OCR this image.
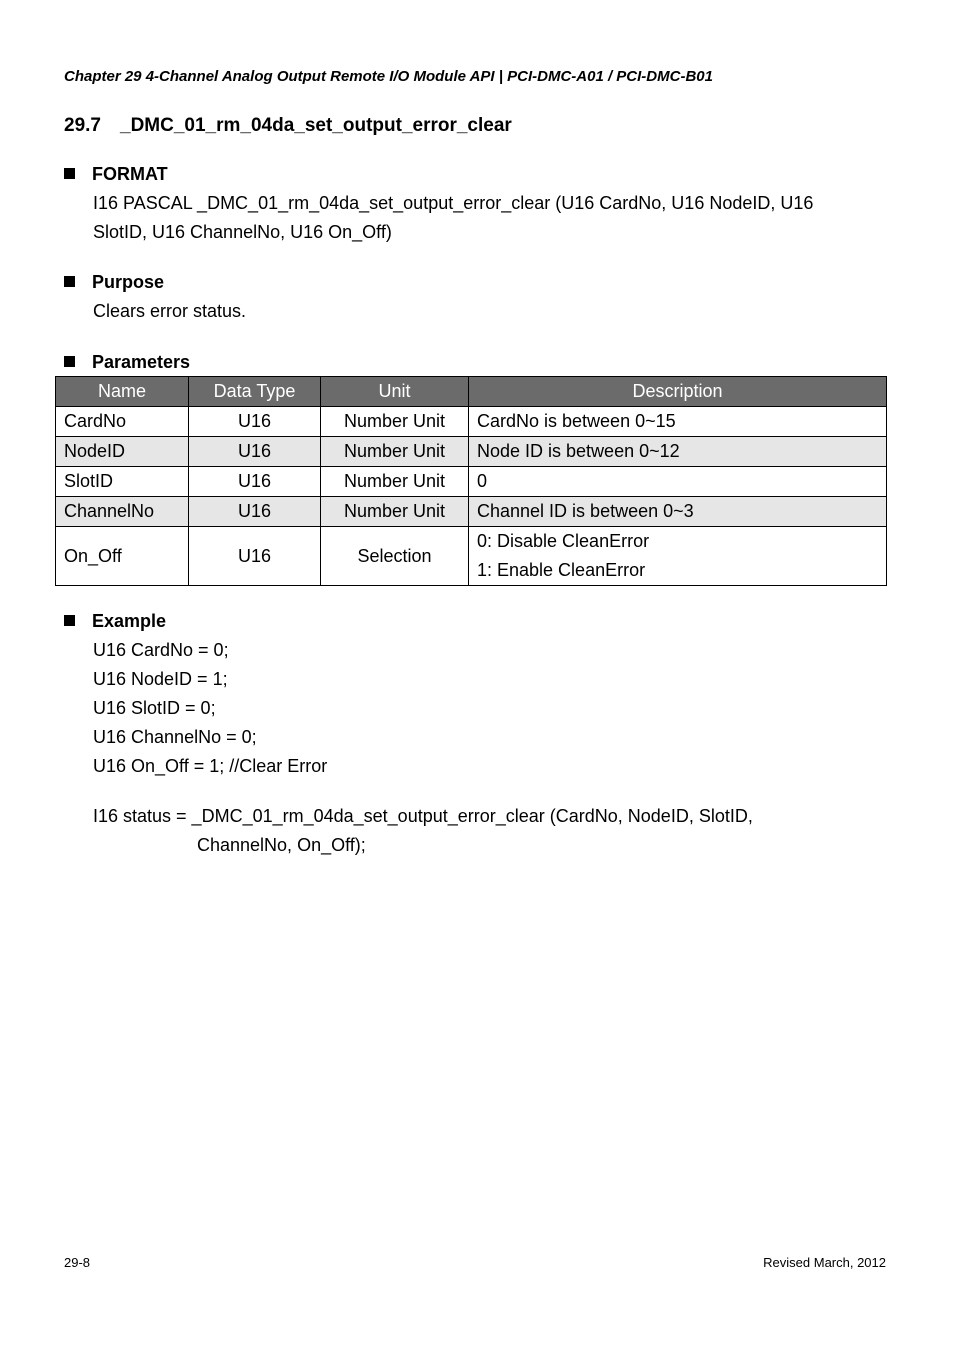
Chapter 29 4-Channel Analog Output Remote I/O Module API | PCI-DMC-A01 / PCI-DMC-B01
29.7 _DMC_01_rm_04da_set_output_error_clear
FORMAT
I16 PASCAL _DMC_01_rm_04da_set_output_error_clear (U16 CardNo, U16 NodeID, U16
SlotID, U16 ChannelNo, U16 On_Off)
Purpose
Clears error status.
Parameters
Name	Data Type	Unit	Description
CardNo	U16	Number Unit	CardNo is between 0~15
NodeID	U16	Number Unit	Node ID is between 0~12
SlotID	U16	Number Unit	0
ChannelNo	U16	Number Unit	Channel ID is between 0~3
On_Off	U16	Selection	0: Disable CleanError
1: Enable CleanError
Example
U16 CardNo = 0;
U16 NodeID = 1;
U16 SlotID = 0;
U16 ChannelNo = 0;
U16 On_Off = 1; //Clear Error
I16 status = _DMC_01_rm_04da_set_output_error_clear (CardNo, NodeID, SlotID,
ChannelNo, On_Off);
29-8	Revised March, 2012
